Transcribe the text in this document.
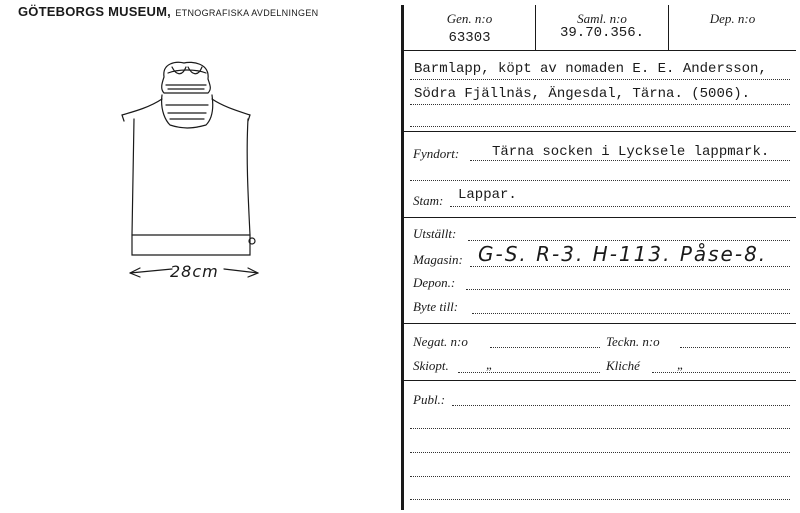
GÖTEBORGS MUSEUM, ETNOGRAFISKA AVDELNINGEN
28cm
Gen. n:o
63303
Saml. n:o
39.70.356.
Dep. n:o
Barmlapp, köpt av nomaden E. E. Andersson,
Södra Fjällnäs, Ängesdal, Tärna. (5006).
Fyndort: Tärna socken i Lycksele lappmark.
Stam: Lappar.
Utställt:
Magasin: G-S. R-3. H-113. Påse-8.
Depon.:
Byte till:
Negat. n:o	Teckn. n:o
Skiopt.	„	Kliché	„
Publ.:
